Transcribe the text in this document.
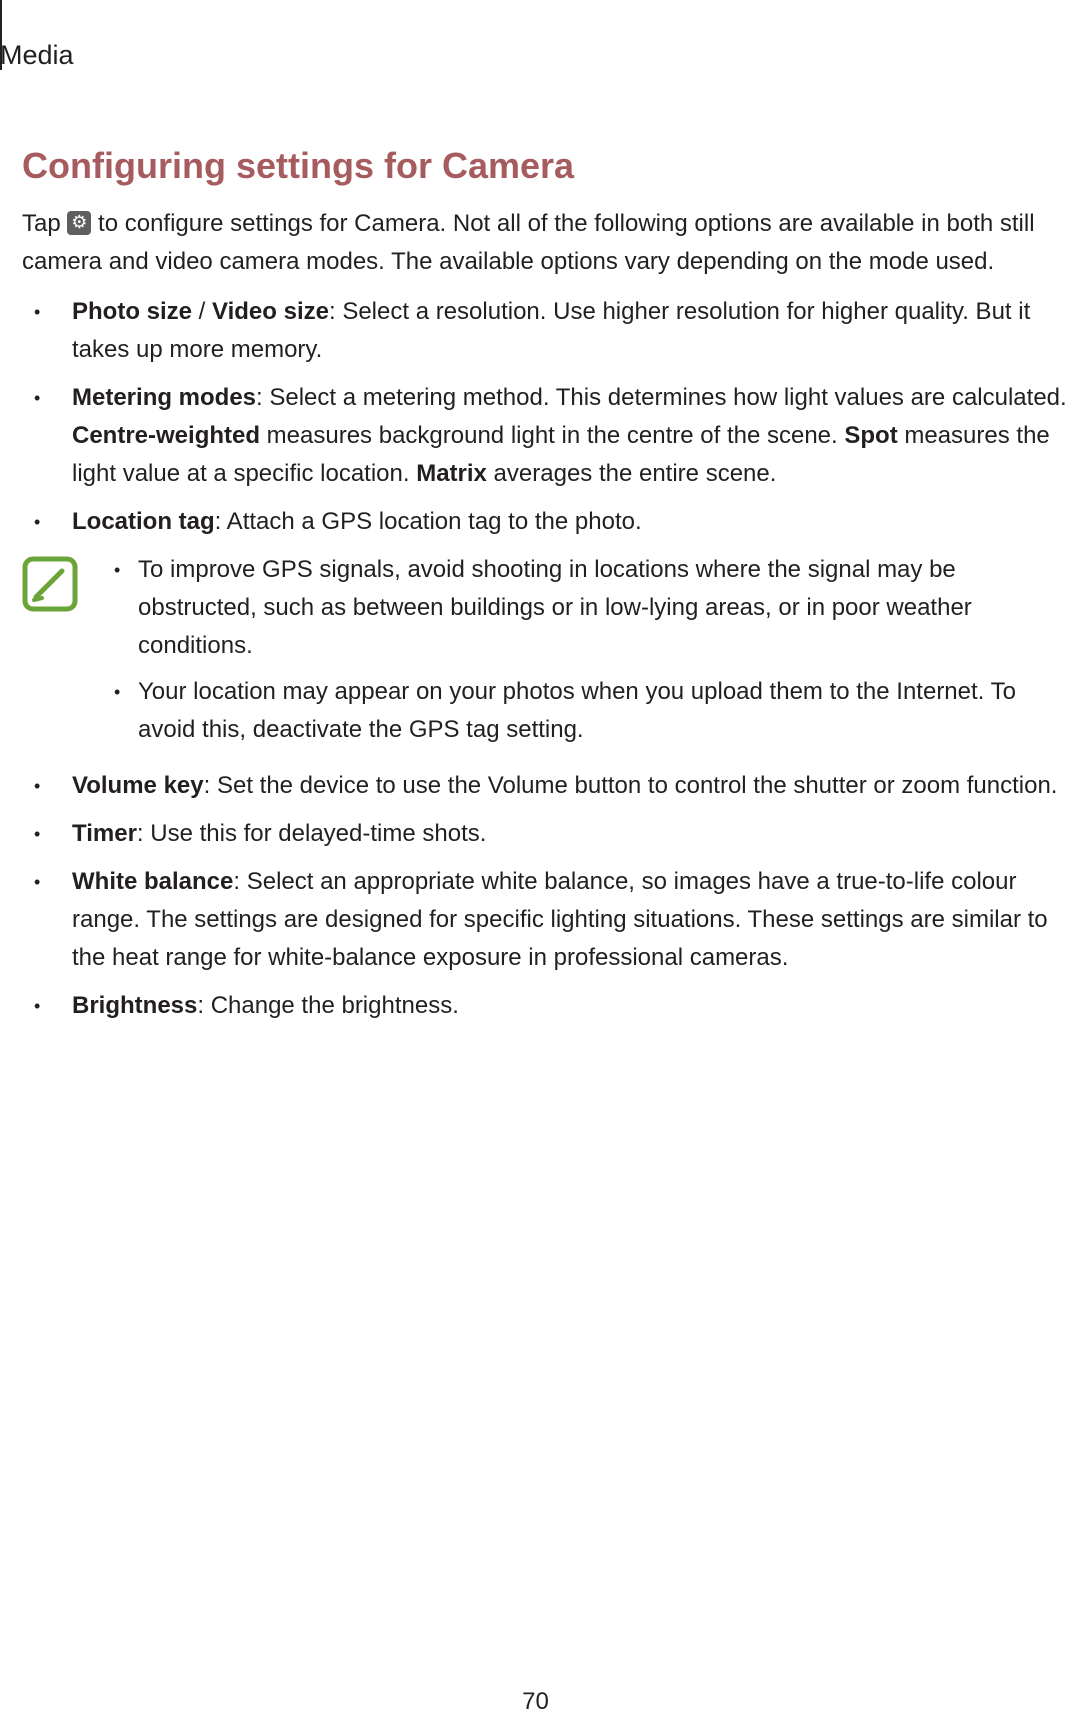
Media
Configuring settings for Camera

Tap ⚙ to configure settings for Camera. Not all of the following options are available in both still camera and video camera modes. The available options vary depending on the mode used.

• Photo size / Video size: Select a resolution. Use higher resolution for higher quality. But it takes up more memory.
• Metering modes: Select a metering method. This determines how light values are calculated. Centre-weighted measures background light in the centre of the scene. Spot measures the light value at a specific location. Matrix averages the entire scene.
• Location tag: Attach a GPS location tag to the photo.
• To improve GPS signals, avoid shooting in locations where the signal may be obstructed, such as between buildings or in low-lying areas, or in poor weather conditions.
• Your location may appear on your photos when you upload them to the Internet. To avoid this, deactivate the GPS tag setting.
• Volume key: Set the device to use the Volume button to control the shutter or zoom function.
• Timer: Use this for delayed-time shots.
• White balance: Select an appropriate white balance, so images have a true-to-life colour range. The settings are designed for specific lighting situations. These settings are similar to the heat range for white-balance exposure in professional cameras.
• Brightness: Change the brightness.
70
